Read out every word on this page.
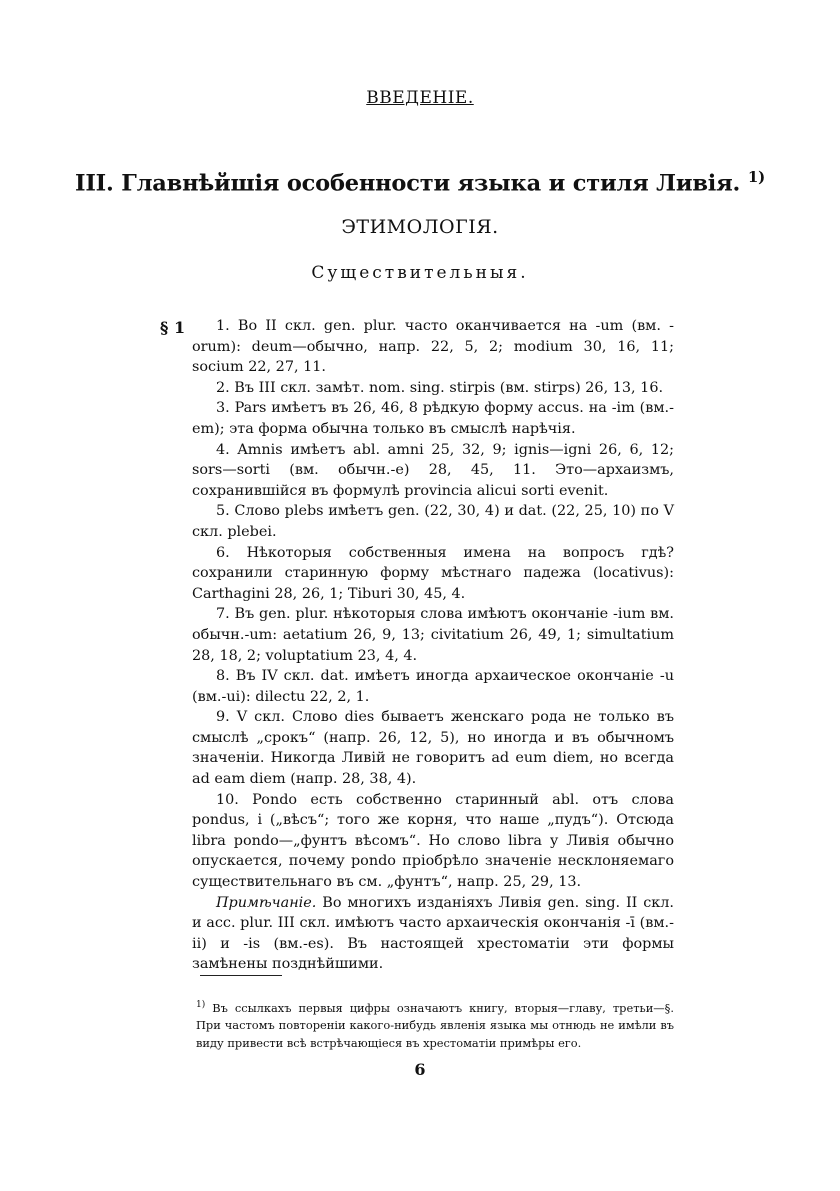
ВВЕДЕНІЕ.
III. Главнѣйшія особенности языка и стиля Ливія. $^{1)}$
ЭТИМОЛОГІЯ.
Существительныя.
§ 1	1. Во II скл. gen. plur. часто оканчивается на -um (вм. -orum): deum—обычно, напр. 22, 5, 2; modium 30, 16, 11; socium 22, 27, 11.

2. Въ III скл. замѣт. nom. sing. stirpis (вм. stirps) 26, 13, 16.

3. Pars имѣетъ въ 26, 46, 8 рѣдкую форму accus. на -im (вм.-em); эта форма обычна только въ смыслѣ нарѣчія.

4. Amnis имѣетъ abl. amni 25, 32, 9; ignis—igni 26, 6, 12; sors—sorti (вм. обычн.-e) 28, 45, 11. Это—архаизмъ, сохранившійся въ формулѣ provincia alicui sorti evenit.

5. Слово plebs имѣетъ gen. (22, 30, 4) и dat. (22, 25, 10) по V скл. plebei.

6. Нѣкоторыя собственныя имена на вопросъ гдѣ? сохранили старинную форму мѣстнаго падежа (locativus): Carthagini 28, 26, 1; Tiburi 30, 45, 4.

7. Въ gen. plur. нѣкоторыя слова имѣютъ окончаніе -ium вм. обычн.-um: aetatium 26, 9, 13; civitatium 26, 49, 1; simultatium 28, 18, 2; voluptatium 23, 4, 4.

8. Въ IV скл. dat. имѣетъ иногда архаическое окончаніе -u (вм.-ui): dilectu 22, 2, 1.

9. V скл. Слово dies бываетъ женскаго рода не только въ смыслѣ „срокъ“ (напр. 26, 12, 5), но иногда и въ обычномъ значеніи. Никогда Ливій не говоритъ ad eum diem, но всегда ad eam diem (напр. 28, 38, 4).

10. Pondo есть собственно старинный abl. отъ слова pondus, i („вѣсъ“; того же корня, что наше „пудъ“). Отсюда libra pondo—„фунтъ вѣсомъ“. Но слово libra у Ливія обычно опускается, почему pondo пріобрѣло значеніе несклоняемаго существительнаго въ см. „фунтъ“, напр. 25, 29, 13.

Примѣчаніе. Во многихъ изданіяхъ Ливія gen. sing. II скл. и acc. plur. III скл. имѣютъ часто архаическія окончанія -ī (вм.-ii) и -is (вм.-es). Въ настоящей хрестоматіи эти формы замѣнены позднѣйшими.

$^{1)}$ Въ ссылкахъ первыя цифры означаютъ книгу, вторыя—главу, третьи—§. При частомъ повтореніи какого-нибудь явленія языка мы отнюдь не имѣли въ виду привести всѣ встрѣчающіеся въ хрестоматіи примѣры его.
6
